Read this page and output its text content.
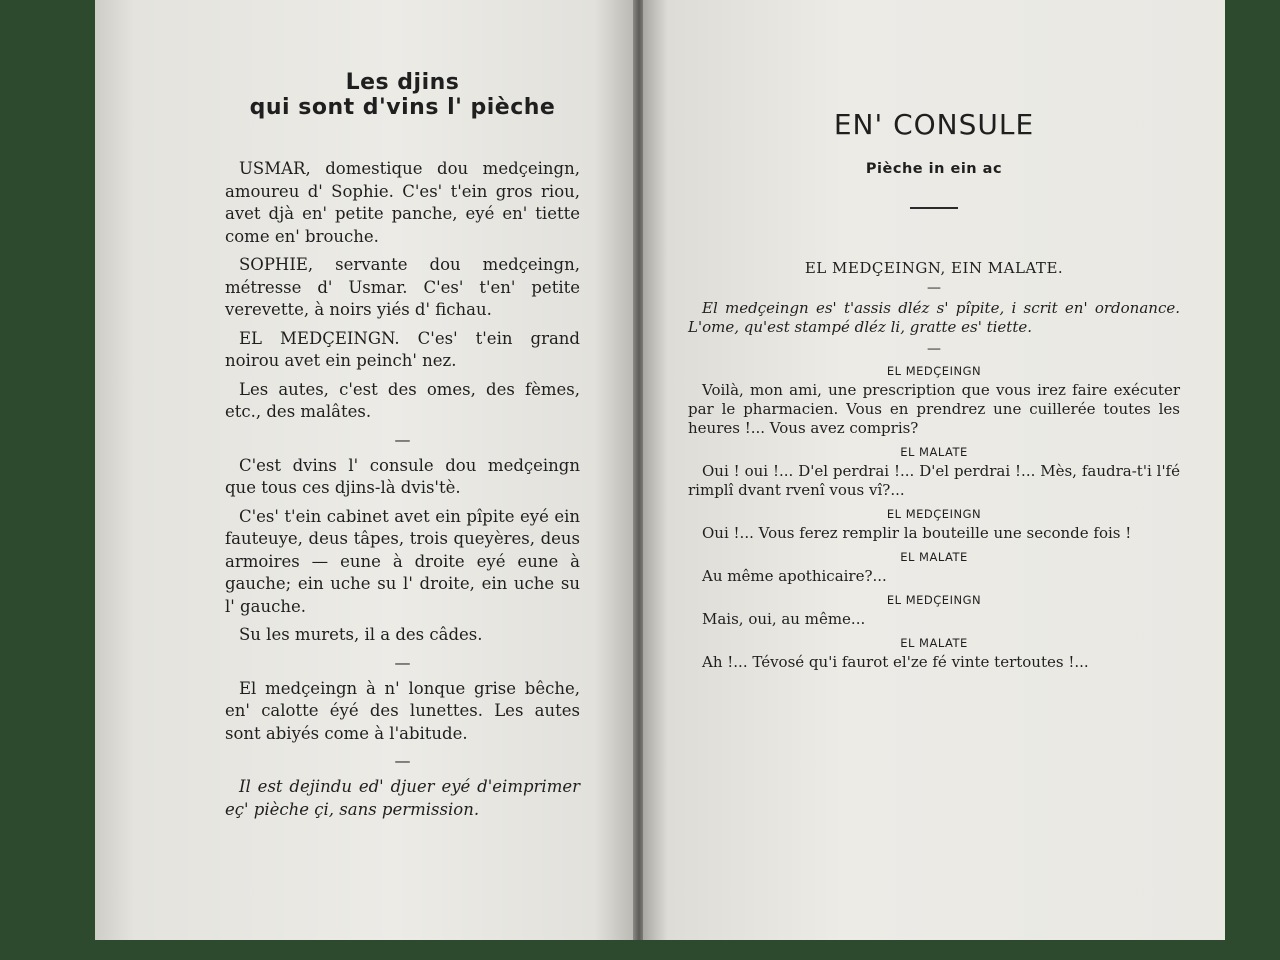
Les djins
qui sont d'vins l' pièche

USMAR, domestique dou medçeingn, amoureu d' Sophie. C'es' t'ein gros riou, avet djà en' petite panche, eyé en' tiette come en' brouche.

SOPHIE, servante dou medçeingn, métresse d' Usmar. C'es' t'en' petite verevette, à noirs yiés d' fichau.

EL MEDÇEINGN. C'es' t'ein grand noirou avet ein peinch' nez.

Les autes, c'est des omes, des fèmes, etc., des malâtes.

—

C'est dvins l' consule dou medçeingn que tous ces djins-là dvis'tè.

C'es' t'ein cabinet avet ein pîpite eyé ein fauteuye, deus tâpes, trois queyères, deus armoires — eune à droite eyé eune à gauche; ein uche su l' droite, ein uche su l' gauche.

Su les murets, il a des câdes.

—

El medçeingn à n' lonque grise bêche, en' calotte éyé des lunettes. Les autes sont abiyés come à l'abitude.

—

Il est dejindu ed' djuer eyé d'eimprimer eç' pièche çi, sans permission.

EN' CONSULE
Pièche in ein ac
EL MEDÇEINGN, EIN MALATE.
—

El medçeingn es' t'assis dléz s' pîpite, i scrit en' ordonance. L'ome, qu'est stampé dléz li, gratte es' tiette.

—
EL MEDÇEINGN

Voilà, mon ami, une prescription que vous irez faire exécuter par le pharmacien. Vous en prendrez une cuillerée toutes les heures !... Vous avez compris?

EL MALATE

Oui ! oui !... D'el perdrai !... D'el perdrai !... Mès, faudra-t'i l'fé rimplî dvant rvenî vous vî?...

EL MEDÇEINGN

Oui !... Vous ferez remplir la bouteille une seconde fois !

EL MALATE

Au même apothicaire?...

EL MEDÇEINGN

Mais, oui, au même...

EL MALATE

Ah !... Tévosé qu'i faurot el'ze fé vinte tertoutes !...
